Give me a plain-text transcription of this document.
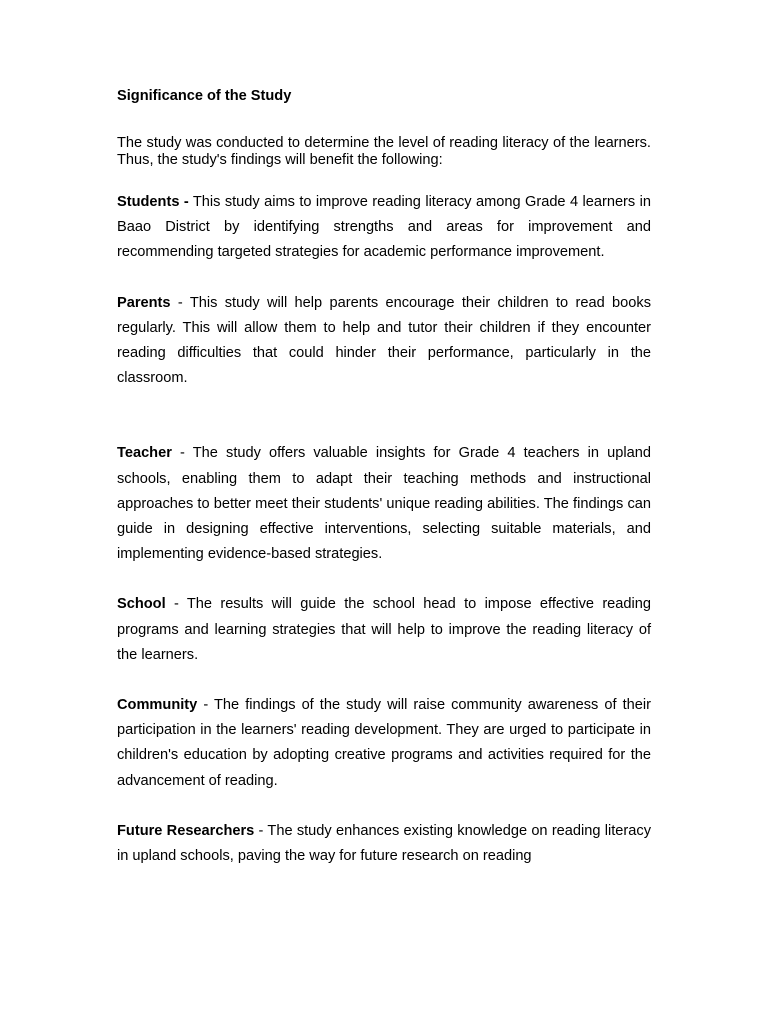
Significance of the Study

The study was conducted to determine the level of reading literacy of the learners. Thus, the study's findings will benefit the following:

Students - This study aims to improve reading literacy among Grade 4 learners in Baao District by identifying strengths and areas for improvement and recommending targeted strategies for academic performance improvement.

Parents - This study will help parents encourage their children to read books regularly. This will allow them to help and tutor their children if they encounter reading difficulties that could hinder their performance, particularly in the classroom.

Teacher - The study offers valuable insights for Grade 4 teachers in upland schools, enabling them to adapt their teaching methods and instructional approaches to better meet their students' unique reading abilities. The findings can guide in designing effective interventions, selecting suitable materials, and implementing evidence-based strategies.

School - The results will guide the school head to impose effective reading programs and learning strategies that will help to improve the reading literacy of the learners.

Community - The findings of the study will raise community awareness of their participation in the learners' reading development. They are urged to participate in children's education by adopting creative programs and activities required for the advancement of reading.

Future Researchers - The study enhances existing knowledge on reading literacy in upland schools, paving the way for future research on reading
